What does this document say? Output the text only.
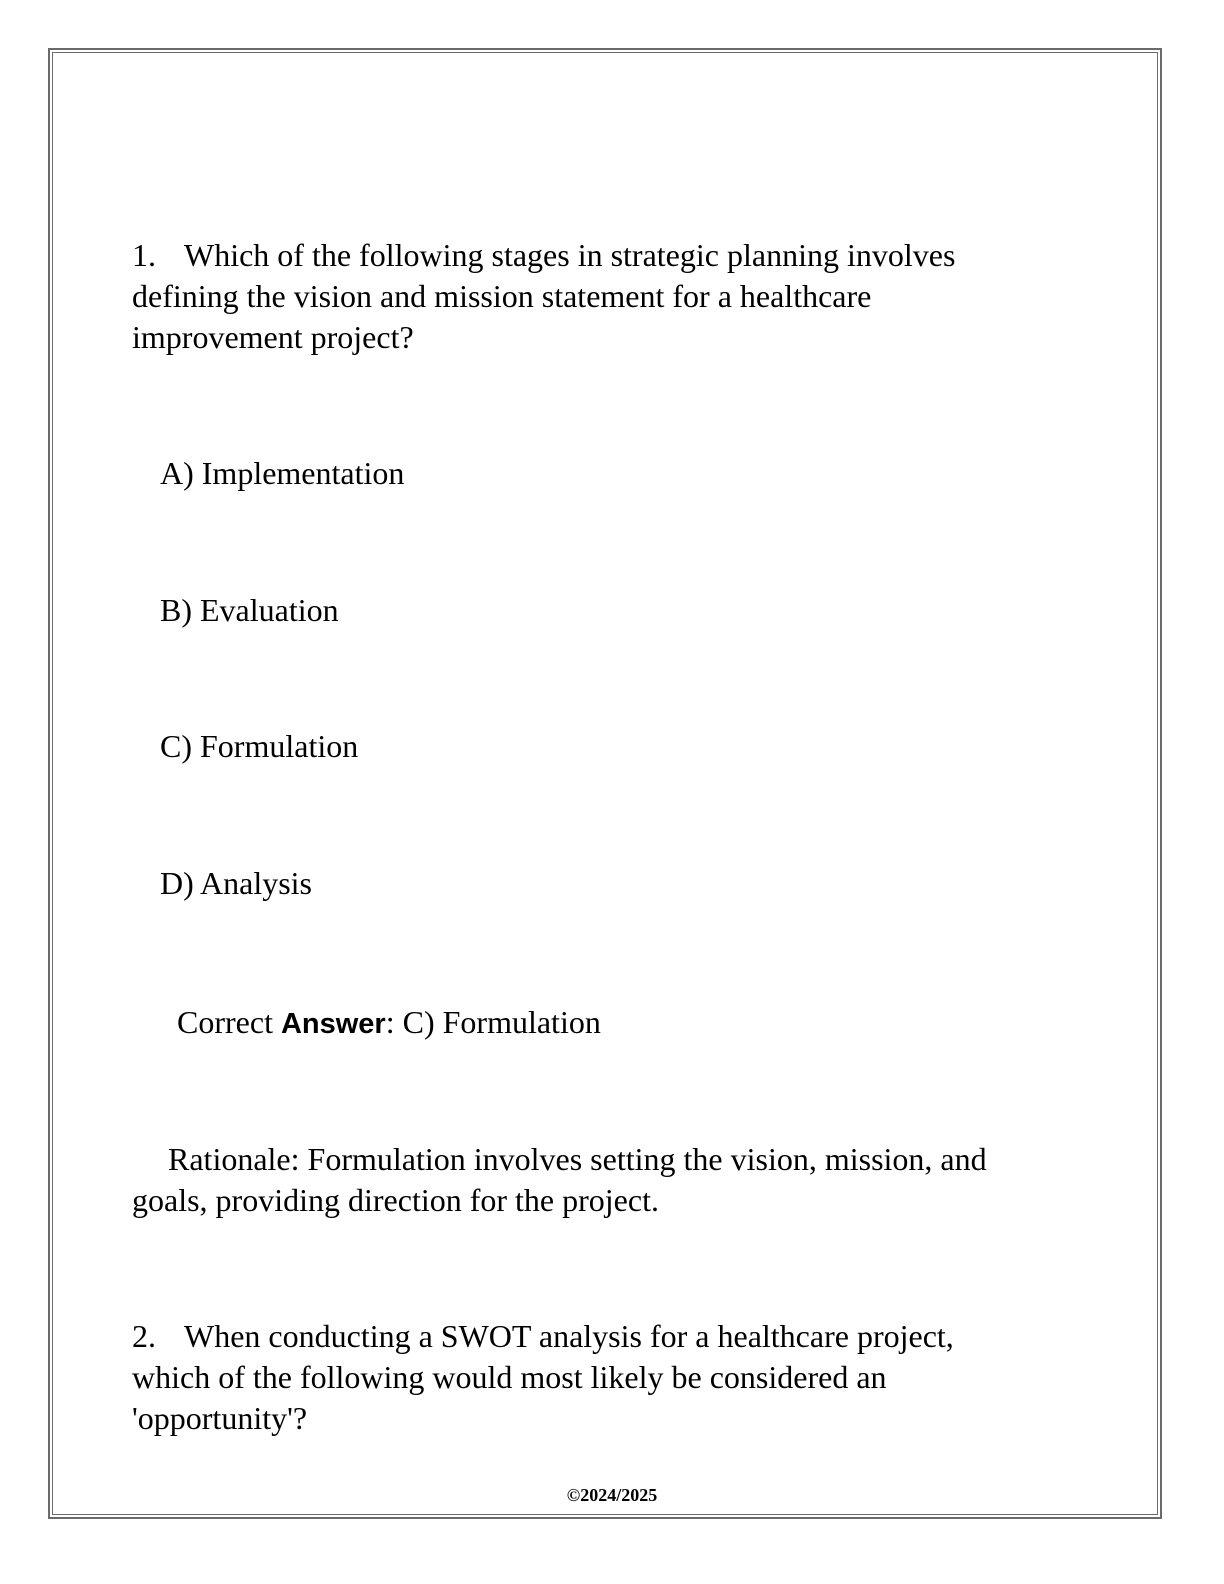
1. Which of the following stages in strategic planning involves
defining the vision and mission statement for a healthcare
improvement project?
A) Implementation
B) Evaluation
C) Formulation
D) Analysis
Correct Answer: C) Formulation
Rationale: Formulation involves setting the vision, mission, and
goals, providing direction for the project.
2. When conducting a SWOT analysis for a healthcare project,
which of the following would most likely be considered an
'opportunity'?
©2024/2025
